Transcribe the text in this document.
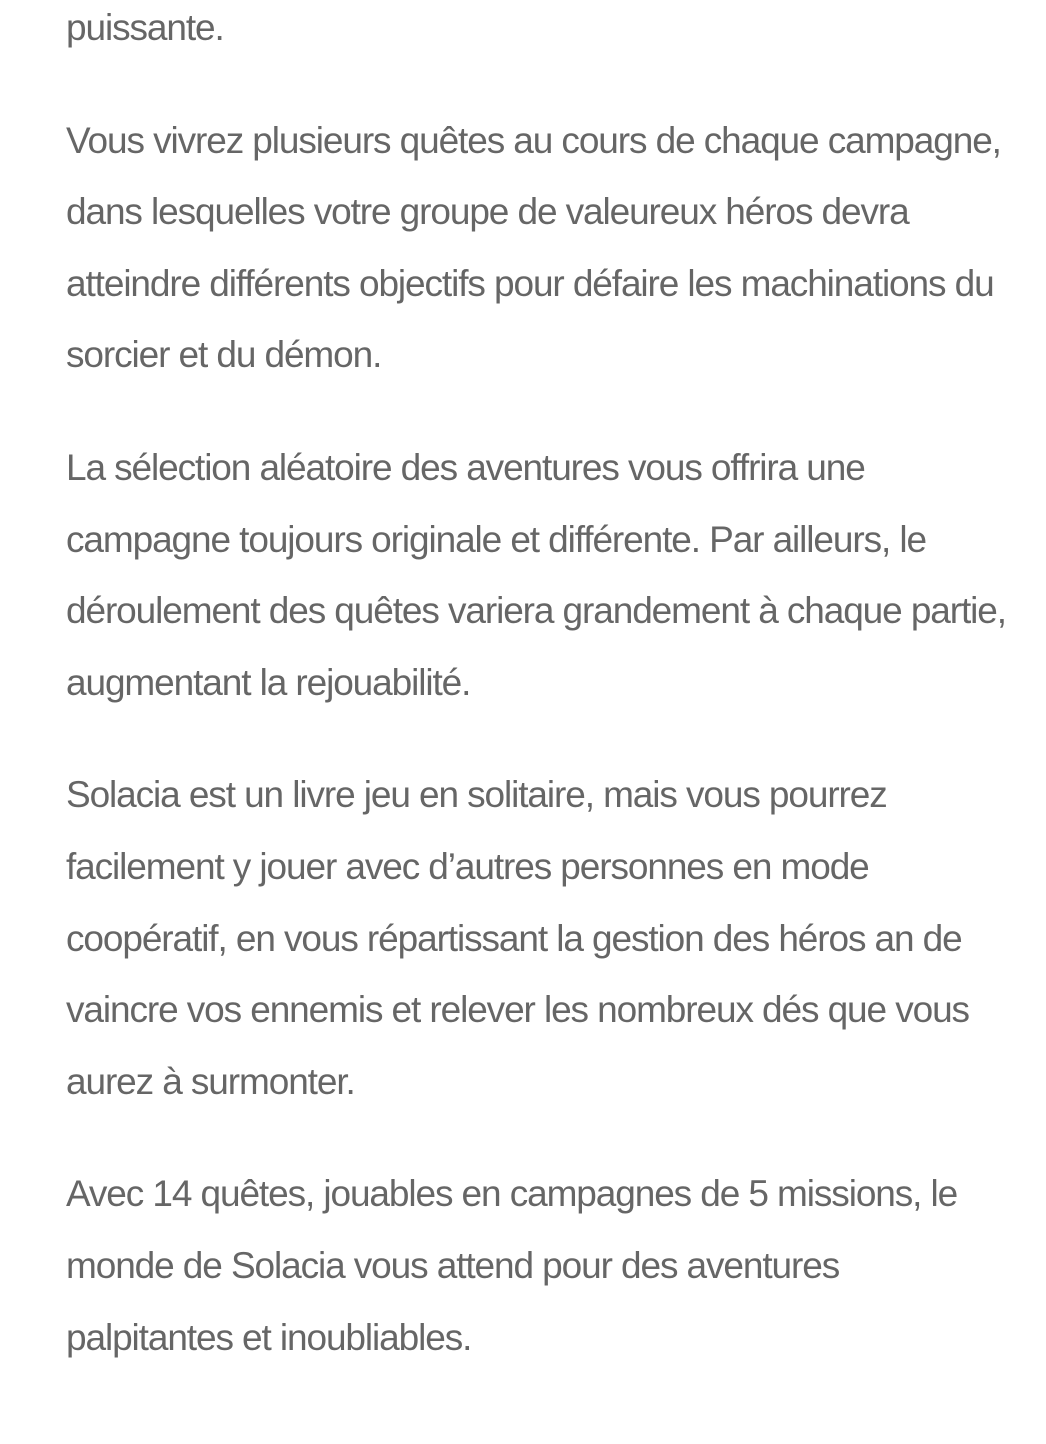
puissante.

Vous vivrez plusieurs quêtes au cours de chaque campagne, dans lesquelles votre groupe de valeureux héros devra atteindre différents objectifs pour défaire les machinations du sorcier et du démon.

La sélection aléatoire des aventures vous offrira une campagne toujours originale et différente. Par ailleurs, le déroulement des quêtes variera grandement à chaque partie, augmentant la rejouabilité.

Solacia est un livre jeu en solitaire, mais vous pourrez facilement y jouer avec d’autres personnes en mode coopératif, en vous répartissant la gestion des héros an de vaincre vos ennemis et relever les nombreux dés que vous aurez à surmonter.

Avec 14 quêtes, jouables en campagnes de 5 missions, le monde de Solacia vous attend pour des aventures palpitantes et inoubliables.
